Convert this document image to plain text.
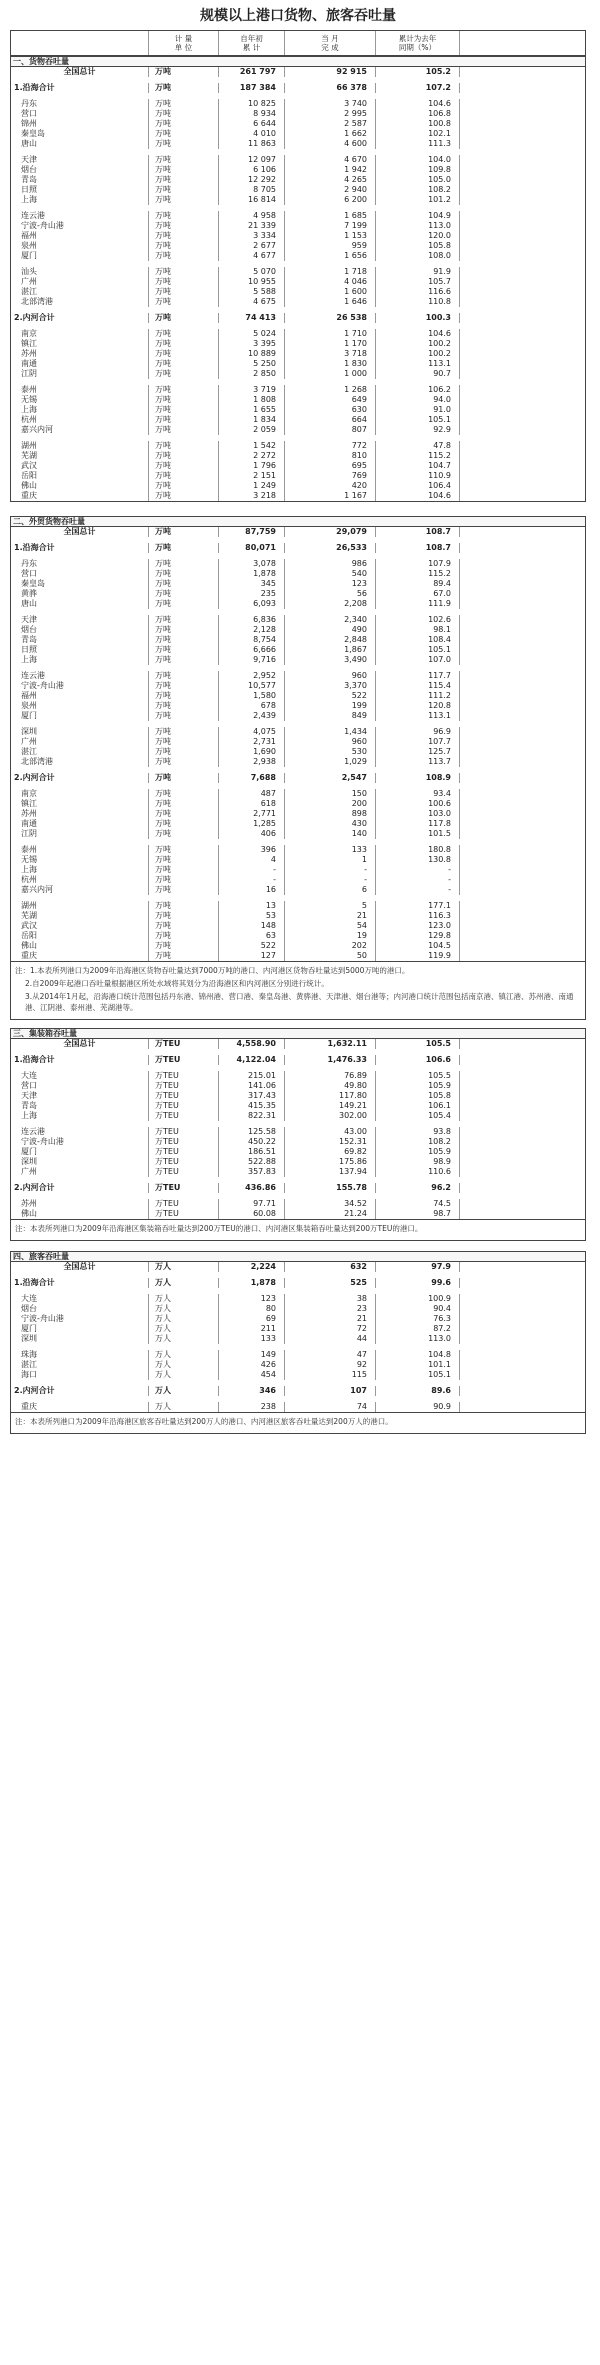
规模以上港口货物、旅客吞吐量
计 量
单 位
自年初
累 计
当 月
完 成
累计为去年
同期（%）
一、货物吞吐量
全国总计	万吨	261 797	92 915	105.2
1.沿海合计	万吨	187 384	66 378	107.2
丹东	万吨	10 825	3 740	104.6
营口	万吨	8 934	2 995	106.8
锦州	万吨	6 644	2 587	100.8
秦皇岛	万吨	4 010	1 662	102.1
唐山	万吨	11 863	4 600	111.3
天津	万吨	12 097	4 670	104.0
烟台	万吨	6 106	1 942	109.8
青岛	万吨	12 292	4 265	105.0
日照	万吨	8 705	2 940	108.2
上海	万吨	16 814	6 200	101.2
连云港	万吨	4 958	1 685	104.9
宁波-舟山港	万吨	21 339	7 199	113.0
福州	万吨	3 334	1 153	120.0
泉州	万吨	2 677	959	105.8
厦门	万吨	4 677	1 656	108.0
汕头	万吨	5 070	1 718	91.9
广州	万吨	10 955	4 046	105.7
湛江	万吨	5 588	1 600	116.6
北部湾港	万吨	4 675	1 646	110.8
2.内河合计	万吨	74 413	26 538	100.3
南京	万吨	5 024	1 710	104.6
镇江	万吨	3 395	1 170	100.2
苏州	万吨	10 889	3 718	100.2
南通	万吨	5 250	1 830	113.1
江阴	万吨	2 850	1 000	90.7
泰州	万吨	3 719	1 268	106.2
无锡	万吨	1 808	649	94.0
上海	万吨	1 655	630	91.0
杭州	万吨	1 834	664	105.1
嘉兴内河	万吨	2 059	807	92.9
湖州	万吨	1 542	772	47.8
芜湖	万吨	2 272	810	115.2
武汉	万吨	1 796	695	104.7
岳阳	万吨	2 151	769	110.9
佛山	万吨	1 249	420	106.4
重庆	万吨	3 218	1 167	104.6
二、外贸货物吞吐量
全国总计	万吨	87,759	29,079	108.7
1.沿海合计	万吨	80,071	26,533	108.7
丹东	万吨	3,078	986	107.9
营口	万吨	1,878	540	115.2
秦皇岛	万吨	345	123	89.4
黄骅	万吨	235	56	67.0
唐山	万吨	6,093	2,208	111.9
天津	万吨	6,836	2,340	102.6
烟台	万吨	2,128	490	98.1
青岛	万吨	8,754	2,848	108.4
日照	万吨	6,666	1,867	105.1
上海	万吨	9,716	3,490	107.0
连云港	万吨	2,952	960	117.7
宁波-舟山港	万吨	10,577	3,370	115.4
福州	万吨	1,580	522	111.2
泉州	万吨	678	199	120.8
厦门	万吨	2,439	849	113.1
深圳	万吨	4,075	1,434	96.9
广州	万吨	2,731	960	107.7
湛江	万吨	1,690	530	125.7
北部湾港	万吨	2,938	1,029	113.7
2.内河合计	万吨	7,688	2,547	108.9
南京	万吨	487	150	93.4
镇江	万吨	618	200	100.6
苏州	万吨	2,771	898	103.0
南通	万吨	1,285	430	117.8
江阴	万吨	406	140	101.5
泰州	万吨	396	133	180.8
无锡	万吨	4	1	130.8
上海	万吨	-	-	-
杭州	万吨	-	-	-
嘉兴内河	万吨	16	6	-
湖州	万吨	13	5	177.1
芜湖	万吨	53	21	116.3
武汉	万吨	148	54	123.0
岳阳	万吨	63	19	129.8
佛山	万吨	522	202	104.5
重庆	万吨	127	50	119.9

注：1.本表所列港口为2009年沿海港区货物吞吐量达到7000万吨的港口、内河港区货物吞吐量达到5000万吨的港口。

2.自2009年起港口吞吐量根据港区所处水域将其划分为沿海港区和内河港区分别进行统计。

3.从2014年1月起，沿海港口统计范围包括丹东港、锦州港、营口港、秦皇岛港、黄骅港、天津港、烟台港等；内河港口统计范围包括南京港、镇江港、苏州港、南通港、江阴港、泰州港、芜湖港等。

三、集装箱吞吐量
全国总计	万TEU	4,558.90	1,632.11	105.5
1.沿海合计	万TEU	4,122.04	1,476.33	106.6
大连	万TEU	215.01	76.89	105.5
营口	万TEU	141.06	49.80	105.9
天津	万TEU	317.43	117.80	105.8
青岛	万TEU	415.35	149.21	106.1
上海	万TEU	822.31	302.00	105.4
连云港	万TEU	125.58	43.00	93.8
宁波-舟山港	万TEU	450.22	152.31	108.2
厦门	万TEU	186.51	69.82	105.9
深圳	万TEU	522.88	175.86	98.9
广州	万TEU	357.83	137.94	110.6
2.内河合计	万TEU	436.86	155.78	96.2
苏州	万TEU	97.71	34.52	74.5
佛山	万TEU	60.08	21.24	98.7

注：本表所列港口为2009年沿海港区集装箱吞吐量达到200万TEU的港口、内河港区集装箱吞吐量达到200万TEU的港口。

四、旅客吞吐量
全国总计	万人	2,224	632	97.9
1.沿海合计	万人	1,878	525	99.6
大连	万人	123	38	100.9
烟台	万人	80	23	90.4
宁波-舟山港	万人	69	21	76.3
厦门	万人	211	72	87.2
深圳	万人	133	44	113.0
珠海	万人	149	47	104.8
湛江	万人	426	92	101.1
海口	万人	454	115	105.1
2.内河合计	万人	346	107	89.6
重庆	万人	238	74	90.9

注：本表所列港口为2009年沿海港区旅客吞吐量达到200万人的港口、内河港区旅客吞吐量达到200万人的港口。
